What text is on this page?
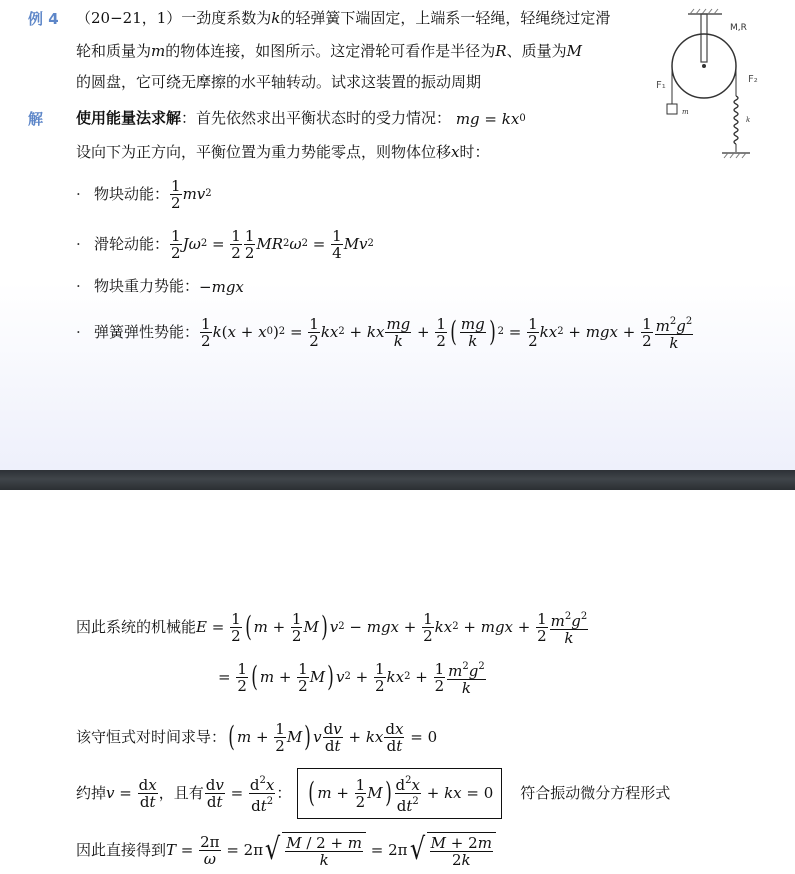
例 4 （20−21，1）一劲度系数为k的轻弹簧下端固定，上端系一轻绳，轻绳绕过定滑
轮和质量为m的物体连接，如图所示。这定滑轮可看作是半径为R、质量为M
的圆盘，它可绕无摩擦的水平轴转动。试求这装置的振动周期
M,R
m
F₁
k
F₂
解 使用能量法求解：首先依然求出平衡状态时的受力情况： mg = kx 0
设向下为正方向，平衡位置为重力势能零点，则物体位移x时：
· 物块动能： $\frac{1}{2}$ mv 2
· 滑轮动能： $\frac{1}{2}$ Jω $2 = \frac{1}{2} \frac{1}{2}$ MR 2 ω $2 = \frac{1}{4}$ Mv 2
· 物块重力势能：− mgx
· 弹簧弹性势能： $\frac{1}{2}$ k ( x + x 0 ) $2 = \frac{1}{2}$ kx 2 + kx $\frac{mg}{k} + \frac{1}{2}$ ( $\frac{mg}{k}$ ) $2 = \frac{1}{2}$ kx 2 + mgx + $\frac{1}{2} \frac{m^2g^2}{k}$
因此系统的机械能 $E = \frac{1}{2}$ ( $m + \frac{1}{2}$ M ) v 2 − mgx + $\frac{1}{2}$ kx 2 + mgx + $\frac{1}{2} \frac{m^2g^2}{k}$
= $\frac{1}{2}$ ( $m + \frac{1}{2}$ M ) v $2 + \frac{1}{2}$ kx $2 + \frac{1}{2} \frac{m^2g^2}{k}$
该守恒式对时间求导： ( $m + \frac{1}{2}$ M ) v $\frac{dv}{dt}$ + kx $\frac{dx}{dt} = 0$
约掉 $v = \frac{dx}{dt}$ ，且有 $\frac{dv}{dt} = \frac{d^2x}{dt^2}$ ： ( $m + \frac{1}{2}$ M ) $\frac{d^2x}{dt^2}$ + kx = 0	符合振动微分方程形式
因此直接得到 $T = \frac{2\pi}{\omega} = 2\pi$ √ $\frac{M / 2 + m}{k} = 2\pi$ √ $\frac{M + 2m}{2k}$
